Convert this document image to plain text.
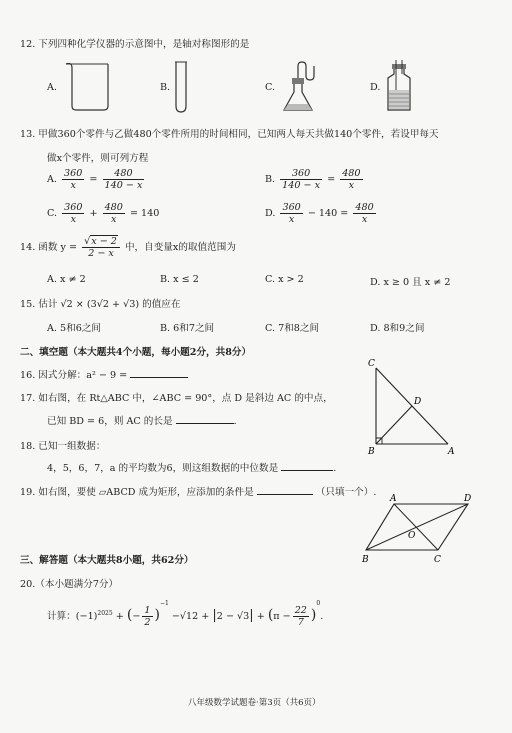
12. 下列四种化学仪器的示意图中，是轴对称图形的是
A.	B.	C.	D.
13. 甲做360个零件与乙做480个零件所用的时间相同，已知两人每天共做140个零件，若设甲每天
做x个零件，则可列方程
A. $\frac{360}{x} = \frac{480}{140 - x}$	B. $\frac{360}{140 - x} = \frac{480}{x}$
C. $\frac{360}{x} + \frac{480}{x} = 140$	D. $\frac{360}{x} - 140 = \frac{480}{x}$
14. 函数 $y = \frac{√x - 2}{2 - x}$ 中，自变量x的取值范围为
A. x ≠ 2	B. x ≤ 2	C. x > 2	D. x ≥ 0 且 x ≠ 2
15. 估计 √2 × (3√2 + √3) 的值应在
A. 5和6之间	B. 6和7之间	C. 7和8之间	D. 8和9之间
二、填空题（本大题共4个小题，每小题2分，共8分）
16. 因式分解：a² − 9 =
17. 如右图，在 Rt△ABC 中，∠ABC = 90°，点 D 是斜边 AC 的中点，
已知 BD = 6，则 AC 的长是	.
C
D
B	A
18. 已知一组数据：
4，5，6，7，a 的平均数为6，则这组数据的中位数是	.
19. 如右图，要使 ▱ABCD 成为矩形，应添加的条件是	（只填一个）.
A	D
O
B	C
三、解答题（本大题共8小题，共62分）
20.（本小题满分7分）
计算：$(-1)^{2025}$ + (− $\frac{1}{2} )^{-1} -√12 + |2 - √3| + (\pi - \frac{22}{7} )^0$.
八年级数学试题卷·第3页（共6页）
